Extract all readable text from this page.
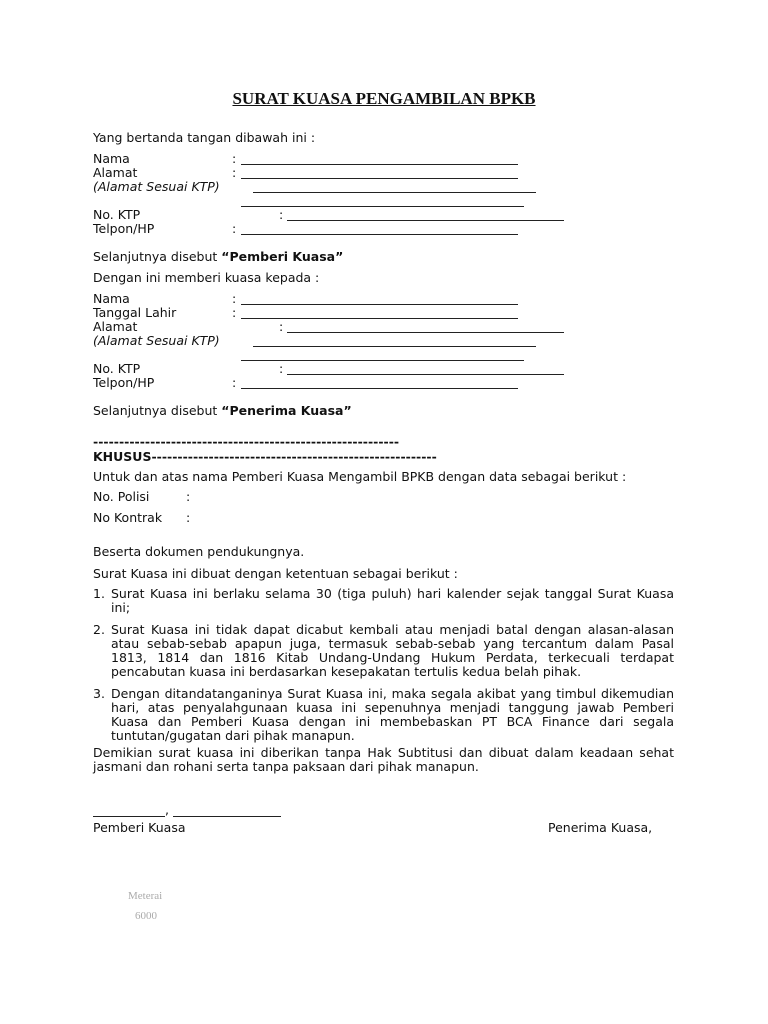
SURAT KUASA PENGAMBILAN BPKB
Yang bertanda tangan dibawah ini :
Nama	:
Alamat	:
(Alamat Sesuai KTP)
No. KTP	:
Telpon/HP	:
Selanjutnya disebut “Pemberi Kuasa”
Dengan ini memberi kuasa kepada :
Nama	:
Tanggal Lahir	:
Alamat	:
(Alamat Sesuai KTP)
No. KTP	:
Telpon/HP	:
Selanjutnya disebut “Penerima Kuasa”
-----------------------------------------------------------
KHUSUS-------------------------------------------------------
Untuk dan atas nama Pemberi Kuasa Mengambil BPKB dengan data sebagai berikut :
No. Polisi	:
No Kontrak :
Beserta dokumen pendukungnya.
Surat Kuasa ini dibuat dengan ketentuan sebagai berikut :
1. Surat Kuasa ini berlaku selama 30 (tiga puluh) hari kalender sejak tanggal Surat Kuasa ini;
2. Surat Kuasa ini tidak dapat dicabut kembali atau menjadi batal dengan alasan-alasan atau sebab-sebab apapun juga, termasuk sebab-sebab yang tercantum dalam Pasal 1813, 1814 dan 1816 Kitab Undang-Undang Hukum Perdata, terkecuali terdapat pencabutan kuasa ini berdasarkan kesepakatan tertulis kedua belah pihak.
3. Dengan ditandatanganinya Surat Kuasa ini, maka segala akibat yang timbul dikemudian hari, atas penyalahgunaan kuasa ini sepenuhnya menjadi tanggung jawab Pemberi Kuasa dan Pemberi Kuasa dengan ini membebaskan PT BCA Finance dari segala tuntutan/gugatan dari pihak manapun.
Demikian surat kuasa ini diberikan tanpa Hak Subtitusi dan dibuat dalam keadaan sehat jasmani dan rohani serta tanpa paksaan dari pihak manapun.
,
Pemberi Kuasa	Penerima Kuasa,
Meterai
6000
